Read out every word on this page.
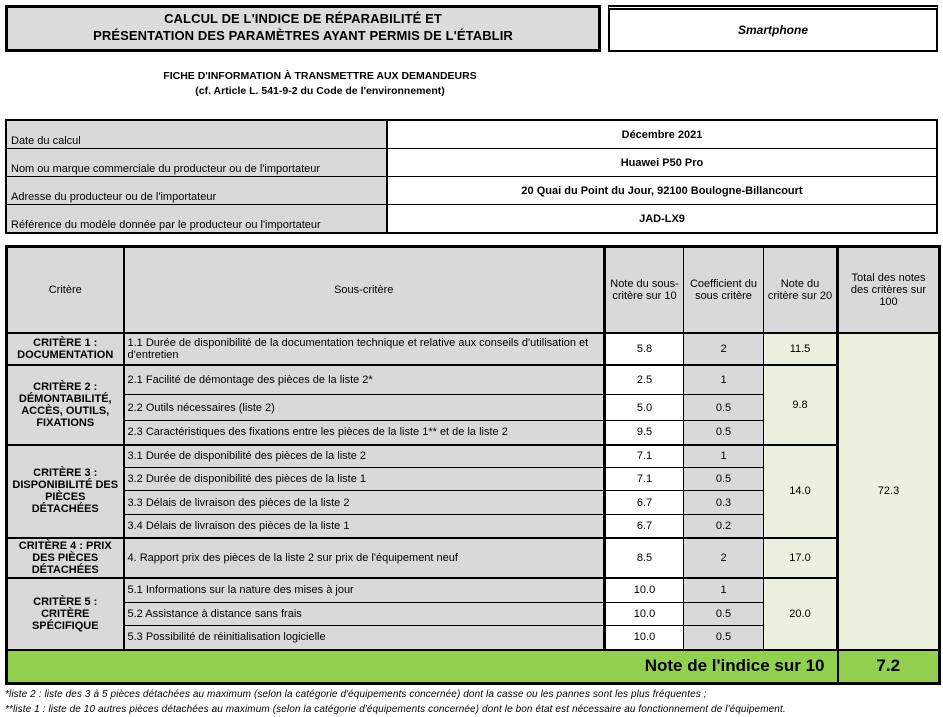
CALCUL DE L'INDICE DE RÉPARABILITÉ ET
PRÉSENTATION DES PARAMÈTRES AYANT PERMIS DE L'ÉTABLIR	Smartphone
FICHE D'INFORMATION À TRANSMETTRE AUX DEMANDEURS
(cf. Article L. 541-9-2 du Code de l'environnement)
Date du calcul	Décembre 2021
Nom ou marque commerciale du producteur ou de l'importateur	Huawei P50 Pro
Adresse du producteur ou de l'importateur	20 Quai du Point du Jour, 92100 Boulogne-Billancourt
Référence du modèle donnée par le producteur ou l'importateur	JAD-LX9
Critère	Sous-critère	Note du sous-critère sur 10	Coefficient du sous critère	Note du critère sur 20	Total des notes des critères sur 100
CRITÈRE 1 : DOCUMENTATION	1.1 Durée de disponibilité de la documentation technique et relative aux conseils d'utilisation et d'entretien	5.8	2	11.5	72.3
CRITÈRE 2 : DÉMONTABILITÉ, ACCÈS, OUTILS, FIXATIONS	2.1 Facilité de démontage des pièces de la liste 2*	2.5	1	9.8	
	2.2 Outils nécessaires (liste 2)	5.0	0.5		
	2.3 Caractéristiques des fixations entre les pièces de la liste 1** et de la liste 2	9.5	0.5		
CRITÈRE 3 : DISPONIBILITÉ DES PIÈCES DÉTACHÉES	3.1 Durée de disponibilité des pièces de la liste 2	7.1	1	14.0	
	3.2 Durée de disponibilité des pièces de la liste 1	7.1	0.5		
	3.3 Délais de livraison des pièces de la liste 2	6.7	0.3		
	3.4 Délais de livraison des pièces de la liste 1	6.7	0.2		
CRITÈRE 4 : PRIX DES PIÈCES DÉTACHÉES	4. Rapport prix des pièces de la liste 2 sur prix de l'équipement neuf	8.5	2	17.0	
CRITÈRE 5 : CRITÈRE SPÉCIFIQUE	5.1 Informations sur la nature des mises à jour	10.0	1	20.0	
	5.2 Assistance à distance sans frais	10.0	0.5		
	5.3 Possibilité de réinitialisation logicielle	10.0	0.5		
Note de l'indice sur 10					7.2
*liste 2 : liste des 3 à 5 pièces détachées au maximum (selon la catégorie d'équipements concernée) dont la casse ou les pannes sont les plus fréquentes ;
**liste 1 : liste de 10 autres pièces détachées au maximum (selon la catégorie d'équipements concernée) dont le bon état est nécessaire au fonctionnement de l'équipement.
